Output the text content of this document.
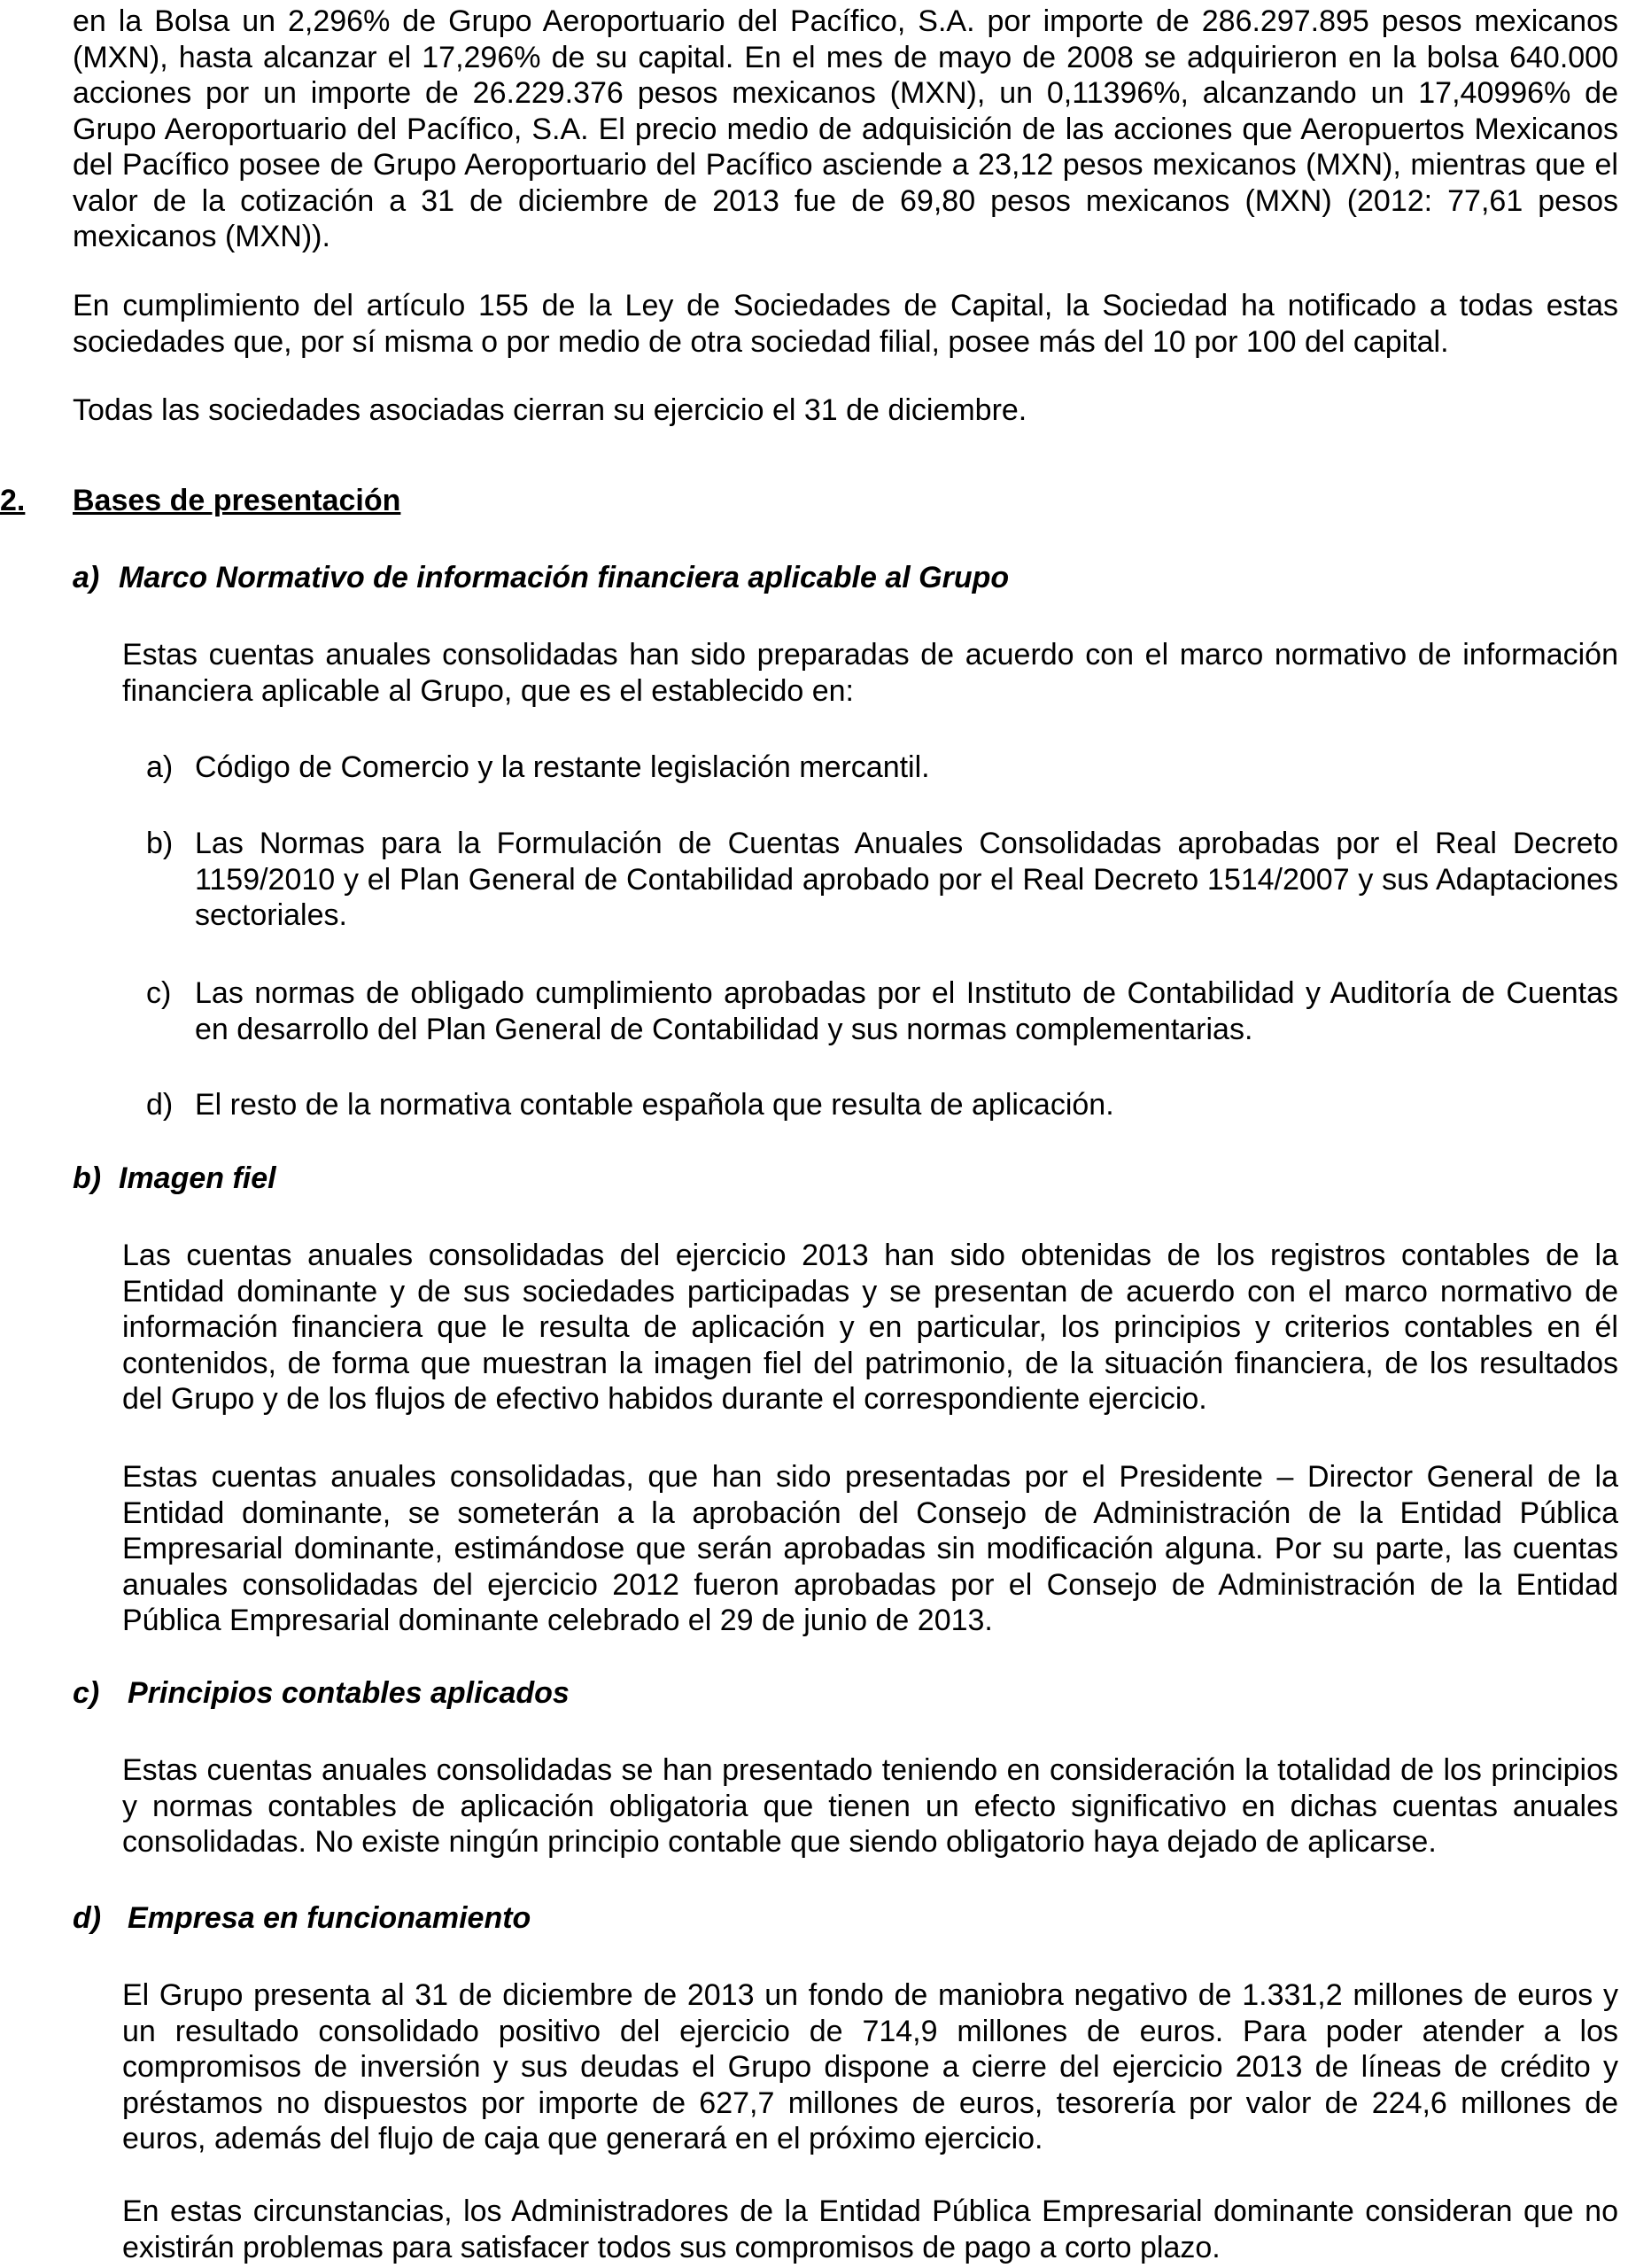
en la Bolsa un 2,296% de Grupo Aeroportuario del Pacífico, S.A. por importe de 286.297.895 pesos mexicanos (MXN), hasta alcanzar el 17,296% de su capital. En el mes de mayo de 2008 se adquirieron en la bolsa 640.000 acciones por un importe de 26.229.376 pesos mexicanos (MXN), un 0,11396%, alcanzando un 17,40996% de Grupo Aeroportuario del Pacífico, S.A. El precio medio de adquisición de las acciones que Aeropuertos Mexicanos del Pacífico posee de Grupo Aeroportuario del Pacífico asciende a 23,12 pesos mexicanos (MXN), mientras que el valor de la cotización a 31 de diciembre de 2013 fue de 69,80 pesos mexicanos (MXN) (2012: 77,61 pesos mexicanos (MXN)).

En cumplimiento del artículo 155 de la Ley de Sociedades de Capital, la Sociedad ha notificado a todas estas sociedades que, por sí misma o por medio de otra sociedad filial, posee más del 10 por 100 del capital.

Todas las sociedades asociadas cierran su ejercicio el 31 de diciembre.

2.	Bases de presentación
a) Marco Normativo de información financiera aplicable al Grupo

Estas cuentas anuales consolidadas han sido preparadas de acuerdo con el marco normativo de información financiera aplicable al Grupo, que es el establecido en:

a) Código de Comercio y la restante legislación mercantil.
b) Las Normas para la Formulación de Cuentas Anuales Consolidadas aprobadas por el Real Decreto 1159/2010 y el Plan General de Contabilidad aprobado por el Real Decreto 1514/2007 y sus Adaptaciones sectoriales.
c) Las normas de obligado cumplimiento aprobadas por el Instituto de Contabilidad y Auditoría de Cuentas en desarrollo del Plan General de Contabilidad y sus normas complementarias.
d) El resto de la normativa contable española que resulta de aplicación.
b) Imagen fiel

Las cuentas anuales consolidadas del ejercicio 2013 han sido obtenidas de los registros contables de la Entidad dominante y de sus sociedades participadas y se presentan de acuerdo con el marco normativo de información financiera que le resulta de aplicación y en particular, los principios y criterios contables en él contenidos, de forma que muestran la imagen fiel del patrimonio, de la situación financiera, de los resultados del Grupo y de los flujos de efectivo habidos durante el correspondiente ejercicio.

Estas cuentas anuales consolidadas, que han sido presentadas por el Presidente – Director General de la Entidad dominante, se someterán a la aprobación del Consejo de Administración de la Entidad Pública Empresarial dominante, estimándose que serán aprobadas sin modificación alguna. Por su parte, las cuentas anuales consolidadas del ejercicio 2012 fueron aprobadas por el Consejo de Administración de la Entidad Pública Empresarial dominante celebrado el 29 de junio de 2013.

c) Principios contables aplicados

Estas cuentas anuales consolidadas se han presentado teniendo en consideración la totalidad de los principios y normas contables de aplicación obligatoria que tienen un efecto significativo en dichas cuentas anuales consolidadas. No existe ningún principio contable que siendo obligatorio haya dejado de aplicarse.

d) Empresa en funcionamiento

El Grupo presenta al 31 de diciembre de 2013 un fondo de maniobra negativo de 1.331,2 millones de euros y un resultado consolidado positivo del ejercicio de 714,9 millones de euros. Para poder atender a los compromisos de inversión y sus deudas el Grupo dispone a cierre del ejercicio 2013 de líneas de crédito y préstamos no dispuestos por importe de 627,7 millones de euros, tesorería por valor de 224,6 millones de euros, además del flujo de caja que generará en el próximo ejercicio.

En estas circunstancias, los Administradores de la Entidad Pública Empresarial dominante consideran que no existirán problemas para satisfacer todos sus compromisos de pago a corto plazo.
